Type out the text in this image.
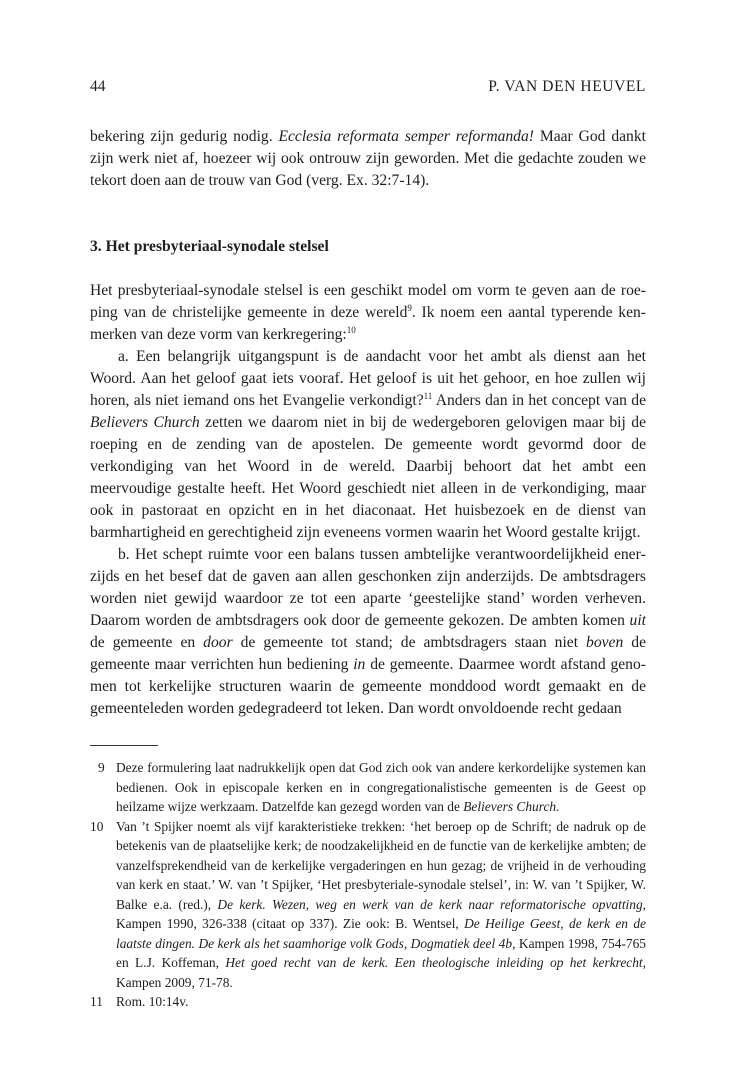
44	P. VAN DEN HEUVEL

bekering zijn gedurig nodig. Ecclesia reformata semper reformanda! Maar God dankt zijn werk niet af, hoezeer wij ook ontrouw zijn geworden. Met die gedachte zouden we tekort doen aan de trouw van God (verg. Ex. 32:7-14).

3. Het presbyteriaal-synodale stelsel

Het presbyteriaal-synodale stelsel is een geschikt model om vorm te geven aan de roeping van de christelijke gemeente in deze wereld$^9$. Ik noem een aantal typerende kenmerken van deze vorm van kerkregering:$^{10}$

a. Een belangrijk uitgangspunt is de aandacht voor het ambt als dienst aan het Woord. Aan het geloof gaat iets vooraf. Het geloof is uit het gehoor, en hoe zullen wij horen, als niet iemand ons het Evangelie verkondigt?$^{11}$ Anders dan in het concept van de Believers Church zetten we daarom niet in bij de wedergeboren gelovigen maar bij de roeping en de zending van de apostelen. De gemeente wordt gevormd door de verkondiging van het Woord in de wereld. Daarbij behoort dat het ambt een meervoudige gestalte heeft. Het Woord geschiedt niet alleen in de verkondiging, maar ook in pastoraat en opzicht en in het diaconaat. Het huisbezoek en de dienst van barmhartigheid en gerechtigheid zijn eveneens vormen waarin het Woord gestalte krijgt.

b. Het schept ruimte voor een balans tussen ambtelijke verantwoordelijkheid enerzijds en het besef dat de gaven aan allen geschonken zijn anderzijds. De ambtsdragers worden niet gewijd waardoor ze tot een aparte ‘geestelijke stand’ worden verheven. Daarom worden de ambtsdragers ook door de gemeente gekozen. De ambten komen uit de gemeente en door de gemeente tot stand; de ambtsdragers staan niet boven de gemeente maar verrichten hun bediening in de gemeente. Daarmee wordt afstand genomen tot kerkelijke structuren waarin de gemeente monddood wordt gemaakt en de gemeenteleden worden gedegradeerd tot leken. Dan wordt onvoldoende recht gedaan

9 Deze formulering laat nadrukkelijk open dat God zich ook van andere kerkordelijke systemen kan bedienen. Ook in episcopale kerken en in congregationalistische gemeenten is de Geest op heilzame wijze werkzaam. Datzelfde kan gezegd worden van de Believers Church.
10 Van ’t Spijker noemt als vijf karakteristieke trekken: ‘het beroep op de Schrift; de nadruk op de betekenis van de plaatselijke kerk; de noodzakelijkheid en de functie van de kerkelijke ambten; de vanzelfsprekendheid van de kerkelijke vergaderingen en hun gezag; de vrijheid in de verhouding van kerk en staat.’ W. van ’t Spijker, ‘Het presbyteriale-synodale stelsel’, in: W. van ’t Spijker, W. Balke e.a. (red.), De kerk. Wezen, weg en werk van de kerk naar reformatorische opvatting, Kampen 1990, 326-338 (citaat op 337). Zie ook: B. Wentsel, De Heilige Geest, de kerk en de laatste dingen. De kerk als het saamhorige volk Gods, Dogmatiek deel 4b, Kampen 1998, 754-765 en L.J. Koffeman, Het goed recht van de kerk. Een theologische inleiding op het kerkrecht, Kampen 2009, 71-78.
11 Rom. 10:14v.
